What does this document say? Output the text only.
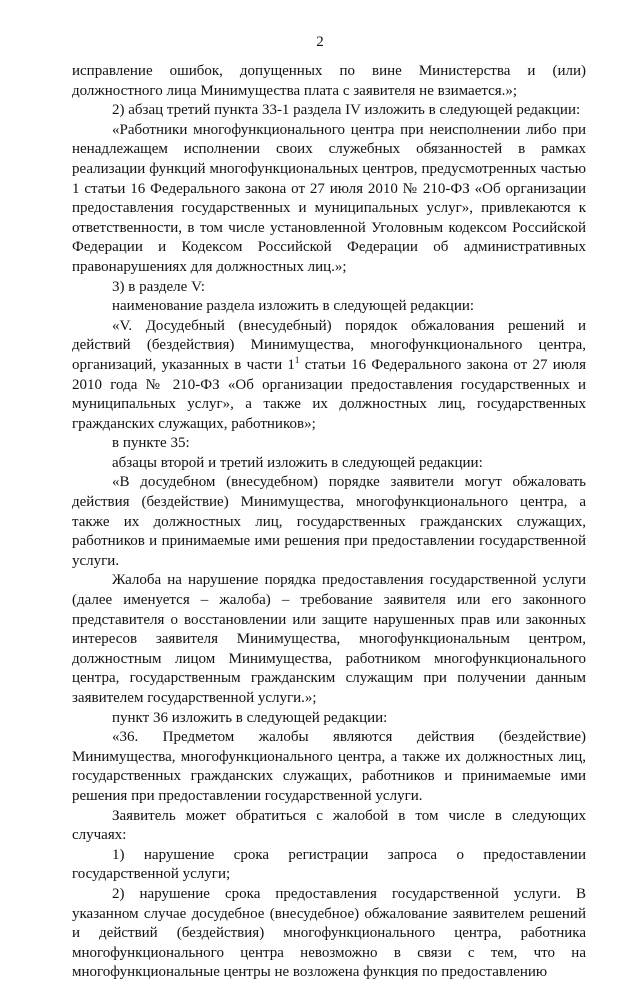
2

исправление ошибок, допущенных по вине Министерства и (или) должностного лица Минимущества плата с заявителя не взимается.»;

2) абзац третий пункта 33-1 раздела IV изложить в следующей редакции:

«Работники многофункционального центра при неисполнении либо при ненадлежащем исполнении своих служебных обязанностей в рамках реализации функций многофункциональных центров, предусмотренных частью 1 статьи 16 Федерального закона от 27 июля 2010 № 210-ФЗ «Об организации предоставления государственных и муниципальных услуг», привлекаются к ответственности, в том числе установленной Уголовным кодексом Российской Федерации и Кодексом Российской Федерации об административных правонарушениях для должностных лиц.»;

3) в разделе V:

наименование раздела изложить в следующей редакции:

«V. Досудебный (внесудебный) порядок обжалования решений и действий (бездействия) Минимущества, многофункционального центра, организаций, указанных в части $1^1$ статьи 16 Федерального закона от 27 июля 2010 года № 210-ФЗ «Об организации предоставления государственных и муниципальных услуг», а также их должностных лиц, государственных гражданских служащих, работников»;

в пункте 35:

абзацы второй и третий изложить в следующей редакции:

«В досудебном (внесудебном) порядке заявители могут обжаловать действия (бездействие) Минимущества, многофункционального центра, а также их должностных лиц, государственных гражданских служащих, работников и принимаемые ими решения при предоставлении государственной услуги.

Жалоба на нарушение порядка предоставления государственной услуги (далее именуется – жалоба) – требование заявителя или его законного представителя о восстановлении или защите нарушенных прав или законных интересов заявителя Минимущества, многофункциональным центром, должностным лицом Минимущества, работником многофункционального центра, государственным гражданским служащим при получении данным заявителем государственной услуги.»;

пункт 36 изложить в следующей редакции:

«36. Предметом жалобы являются действия (бездействие) Минимущества, многофункционального центра, а также их должностных лиц, государственных гражданских служащих, работников и принимаемые ими решения при предоставлении государственной услуги.

Заявитель может обратиться с жалобой в том числе в следующих случаях:

1) нарушение срока регистрации запроса о предоставлении государственной услуги;

2) нарушение срока предоставления государственной услуги. В указанном случае досудебное (внесудебное) обжалование заявителем решений и действий (бездействия) многофункционального центра, работника многофункционального центра невозможно в связи с тем, что на многофункциональные центры не возложена функция по предоставлению
